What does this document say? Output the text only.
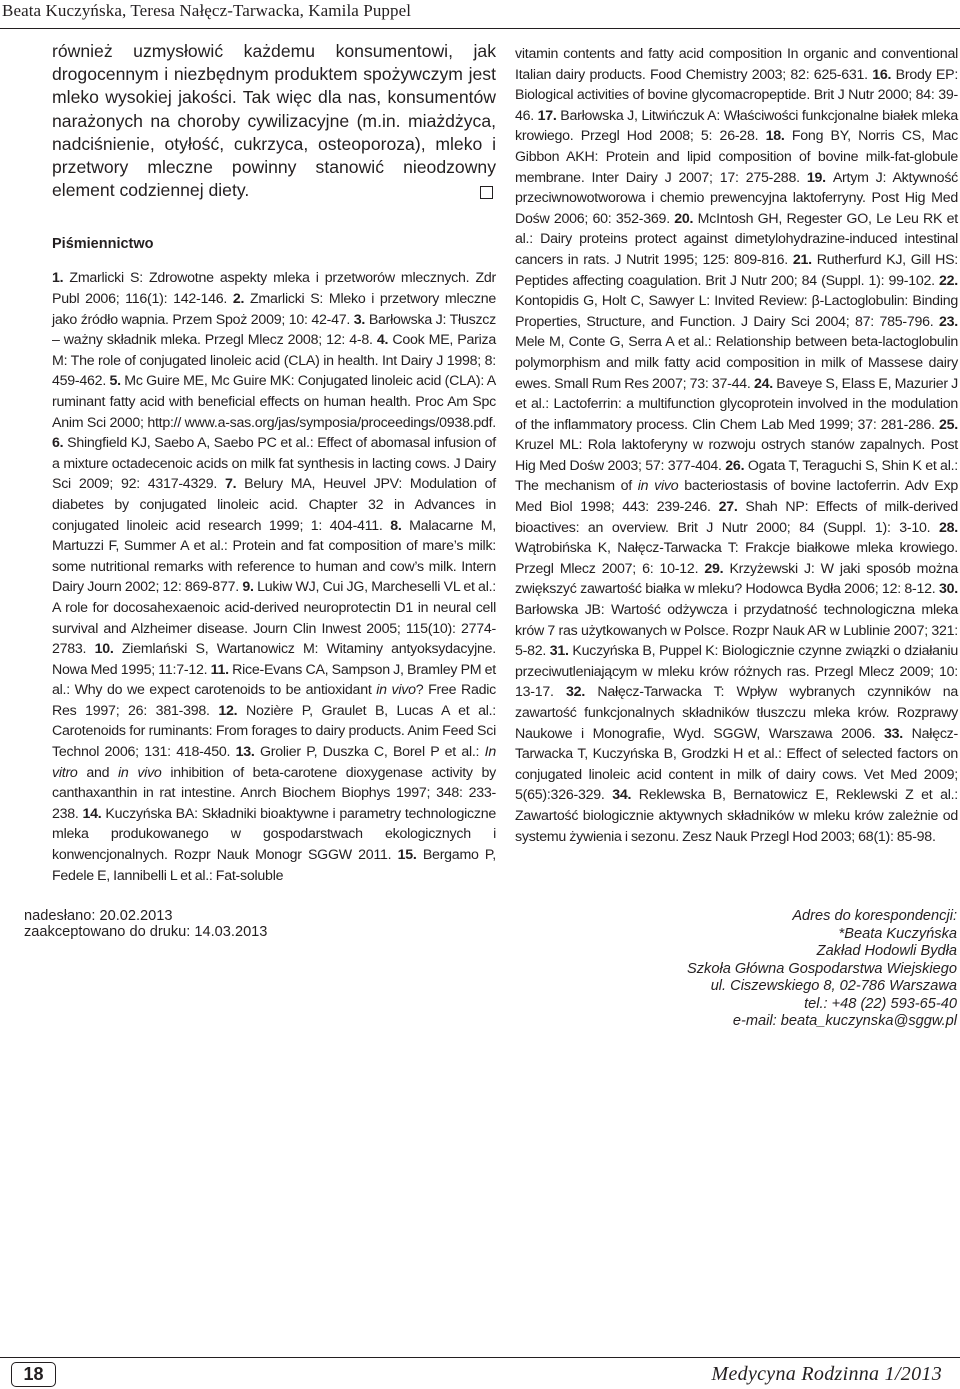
Beata Kuczyńska, Teresa Nałęcz-Tarwacka, Kamila Puppel

również uzmysłowić każdemu konsumentowi, jak drogocennym i niezbędnym produktem spożywczym jest mleko wysokiej jakości. Tak więc dla nas, konsumentów narażonych na choroby cywilizacyjne (m.in. miażdżyca, nadciśnienie, otyłość, cukrzyca, osteoporoza), mleko i przetwory mleczne powinny stanowić nieodzowny element codziennej diety.

Piśmiennictwo

1. Zmarlicki S: Zdrowotne aspekty mleka i przetworów mlecznych. Zdr Publ 2006; 116(1): 142-146. 2. Zmarlicki S: Mleko i przetwory mleczne jako źródło wapnia. Przem Spoż 2009; 10: 42-47. 3. Barłowska J: Tłuszcz – ważny składnik mleka. Przegl Mlecz 2008; 12: 4-8. 4. Cook ME, Pariza M: The role of conjugated linoleic acid (CLA) in health. Int Dairy J 1998; 8: 459-462. 5. Mc Guire ME, Mc Guire MK: Conjugated linoleic acid (CLA): A ruminant fatty acid with beneficial effects on human health. Proc Am Spc Anim Sci 2000; http:// www.a-sas.org/jas/symposia/proceedings/0938.pdf. 6. Shingfield KJ, Saebo A, Saebo PC et al.: Effect of abomasal infusion of a mixture octadecenoic acids on milk fat synthesis in lacting cows. J Dairy Sci 2009; 92: 4317-4329. 7. Belury MA, Heuvel JPV: Modulation of diabetes by conjugated linoleic acid. Chapter 32 in Advances in conjugated linoleic acid research 1999; 1: 404-411. 8. Malacarne M, Martuzzi F, Summer A et al.: Protein and fat composition of mare’s milk: some nutritional remarks with reference to human and cow’s milk. Intern Dairy Journ 2002; 12: 869-877. 9. Lukiw WJ, Cui JG, Marcheselli VL et al.: A role for docosahexaenoic acid-derived neuroprotectin D1 in neural cell survival and Alzheimer disease. Journ Clin Inwest 2005; 115(10): 2774-2783. 10. Ziemlański S, Wartanowicz M: Witaminy antyoksydacyjne. Nowa Med 1995; 11:7-12. 11. Rice-Evans CA, Sampson J, Bramley PM et al.: Why do we expect carotenoids to be antioxidant in vivo? Free Radic Res 1997; 26: 381-398. 12. Nozière P, Graulet B, Lucas A et al.: Carotenoids for ruminants: From forages to dairy products. Anim Feed Sci Technol 2006; 131: 418-450. 13. Grolier P, Duszka C, Borel P et al.: In vitro and in vivo inhibition of beta-carotene dioxygenase activity by canthaxanthin in rat intestine. Anrch Biochem Biophys 1997; 348: 233-238. 14. Kuczyńska BA: Składniki bioaktywne i parametry technologiczne mleka produkowanego w gospodarstwach ekologicznych i konwencjonalnych. Rozpr Nauk Monogr SGGW 2011. 15. Bergamo P, Fedele E, Iannibelli L et al.: Fat-soluble

vitamin contents and fatty acid composition In organic and conventional Italian dairy products. Food Chemistry 2003; 82: 625-631. 16. Brody EP: Biological activities of bovine glycomacropeptide. Brit J Nutr 2000; 84: 39-46. 17. Barłowska J, Litwińczuk A: Właściwości funkcjonalne białek mleka krowiego. Przegl Hod 2008; 5: 26-28. 18. Fong BY, Norris CS, Mac Gibbon AKH: Protein and lipid composition of bovine milk-fat-globule membrane. Inter Dairy J 2007; 17: 275-288. 19. Artym J: Aktywność przeciwnowotworowa i chemio prewencyjna laktoferryny. Post Hig Med Dośw 2006; 60: 352-369. 20. McIntosh GH, Regester GO, Le Leu RK et al.: Dairy proteins protect against dimetylohydrazine-induced intestinal cancers in rats. J Nutrit 1995; 125: 809-816. 21. Rutherfurd KJ, Gill HS: Peptides affecting coagulation. Brit J Nutr 200; 84 (Suppl. 1): 99-102. 22. Kontopidis G, Holt C, Sawyer L: Invited Review: β-Lactoglobulin: Binding Properties, Structure, and Function. J Dairy Sci 2004; 87: 785-796. 23. Mele M, Conte G, Serra A et al.: Relationship between beta-lactoglobulin polymorphism and milk fatty acid composition in milk of Massese dairy ewes. Small Rum Res 2007; 73: 37-44. 24. Baveye S, Elass E, Mazurier J et al.: Lactoferrin: a multifunction glycoprotein involved in the modulation of the inflammatory process. Clin Chem Lab Med 1999; 37: 281-286. 25. Kruzel ML: Rola laktoferyny w rozwoju ostrych stanów zapalnych. Post Hig Med Dośw 2003; 57: 377-404. 26. Ogata T, Teraguchi S, Shin K et al.: The mechanism of in vivo bacteriostasis of bovine lactoferrin. Adv Exp Med Biol 1998; 443: 239-246. 27. Shah NP: Effects of milk-derived bioactives: an overview. Brit J Nutr 2000; 84 (Suppl. 1): 3-10. 28. Wątrobińska K, Nałęcz-Tarwacka T: Frakcje białkowe mleka krowiego. Przegl Mlecz 2007; 6: 10-12. 29. Krzyżewski J: W jaki sposób można zwiększyć zawartość białka w mleku? Hodowca Bydła 2006; 12: 8-12. 30. Barłowska JB: Wartość odżywcza i przydatność technologiczna mleka krów 7 ras użytkowanych w Polsce. Rozpr Nauk AR w Lublinie 2007; 321: 5-82. 31. Kuczyńska B, Puppel K: Biologicznie czynne związki o działaniu przeciwutleniającym w mleku krów różnych ras. Przegl Mlecz 2009; 10: 13-17. 32. Nałęcz-Tarwacka T: Wpływ wybranych czynników na zawartość funkcjonalnych składników tłuszczu mleka krów. Rozprawy Naukowe i Monografie, Wyd. SGGW, Warszawa 2006. 33. Nałęcz-Tarwacka T, Kuczyńska B, Grodzki H et al.: Effect of selected factors on conjugated linoleic acid content in milk of dairy cows. Vet Med 2009; 5(65):326-329. 34. Reklewska B, Bernatowicz E, Reklewski Z et al.: Zawartość biologicznie aktywnych składników w mleku krów zależnie od systemu żywienia i sezonu. Zesz Nauk Przegl Hod 2003; 68(1): 85-98.

nadesłano: 20.02.2013
zaakceptowano do druku: 14.03.2013
Adres do korespondencji:
*Beata Kuczyńska
Zakład Hodowli Bydła
Szkoła Główna Gospodarstwa Wiejskiego
ul. Ciszewskiego 8, 02-786 Warszawa
tel.: +48 (22) 593-65-40
e-mail: beata_kuczynska@sggw.pl
18	Medycyna Rodzinna 1/2013
